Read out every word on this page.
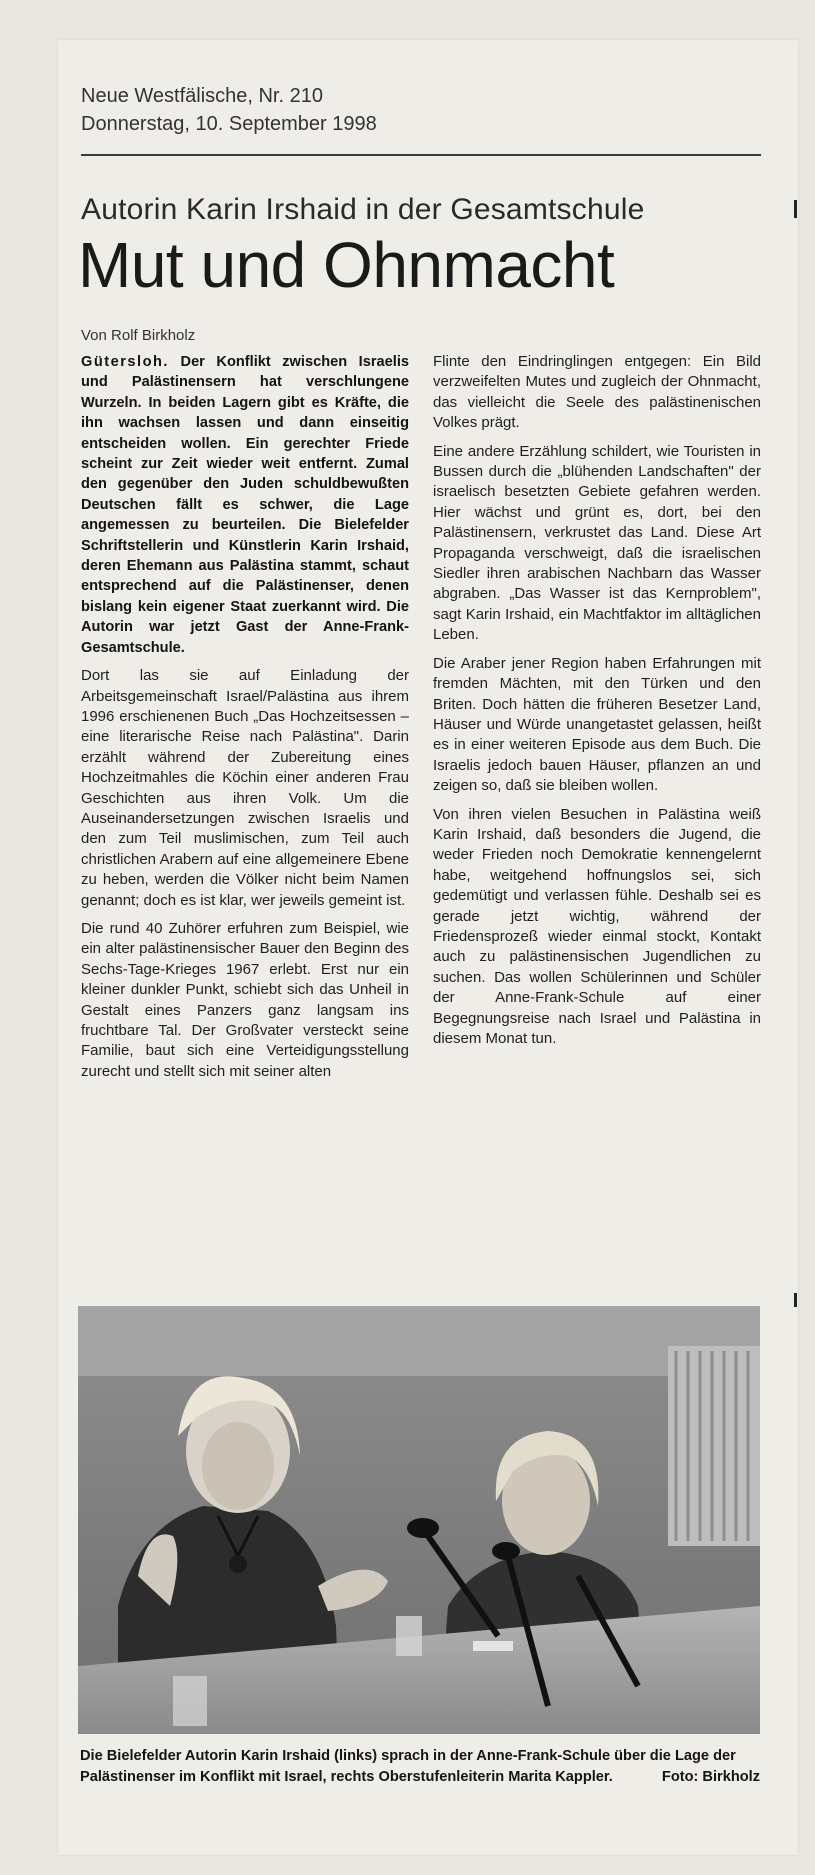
Neue Westfälische, Nr. 210
Donnerstag, 10. September 1998
Autorin Karin Irshaid in der Gesamtschule
Mut und Ohnmacht
Von Rolf Birkholz

Gütersloh. Der Konflikt zwischen Israelis und Palästinensern hat verschlungene Wurzeln. In beiden Lagern gibt es Kräfte, die ihn wachsen lassen und dann einseitig entscheiden wollen. Ein gerechter Friede scheint zur Zeit wieder weit entfernt. Zumal den gegenüber den Juden schuldbewußten Deutschen fällt es schwer, die Lage angemessen zu beurteilen. Die Bielefelder Schriftstellerin und Künstlerin Karin Irshaid, deren Ehemann aus Palästina stammt, schaut entsprechend auf die Palästinenser, denen bislang kein eigener Staat zuerkannt wird. Die Autorin war jetzt Gast der Anne-Frank-Gesamtschule.

Dort las sie auf Einladung der Arbeitsgemeinschaft Israel/Palästina aus ihrem 1996 erschienenen Buch „Das Hochzeitsessen – eine literarische Reise nach Palästina". Darin erzählt während der Zubereitung eines Hochzeitmahles die Köchin einer anderen Frau Geschichten aus ihren Volk. Um die Auseinandersetzungen zwischen Israelis und den zum Teil muslimischen, zum Teil auch christlichen Arabern auf eine allgemeinere Ebene zu heben, werden die Völker nicht beim Namen genannt; doch es ist klar, wer jeweils gemeint ist.

Die rund 40 Zuhörer erfuhren zum Beispiel, wie ein alter palästinensischer Bauer den Beginn des Sechs-Tage-Krieges 1967 erlebt. Erst nur ein kleiner dunkler Punkt, schiebt sich das Unheil in Gestalt eines Panzers ganz langsam ins fruchtbare Tal. Der Großvater versteckt seine Familie, baut sich eine Verteidigungsstellung zurecht und stellt sich mit seiner alten

Flinte den Eindringlingen entgegen: Ein Bild verzweifelten Mutes und zugleich der Ohnmacht, das vielleicht die Seele des palästinenischen Volkes prägt.

Eine andere Erzählung schildert, wie Touristen in Bussen durch die „blühenden Landschaften" der israelisch besetzten Gebiete gefahren werden. Hier wächst und grünt es, dort, bei den Palästinensern, verkrustet das Land. Diese Art Propaganda verschweigt, daß die israelischen Siedler ihren arabischen Nachbarn das Wasser abgraben. „Das Wasser ist das Kernproblem", sagt Karin Irshaid, ein Machtfaktor im alltäglichen Leben.

Die Araber jener Region haben Erfahrungen mit fremden Mächten, mit den Türken und den Briten. Doch hätten die früheren Besetzer Land, Häuser und Würde unangetastet gelassen, heißt es in einer weiteren Episode aus dem Buch. Die Israelis jedoch bauen Häuser, pflanzen an und zeigen so, daß sie bleiben wollen.

Von ihren vielen Besuchen in Palästina weiß Karin Irshaid, daß besonders die Jugend, die weder Frieden noch Demokratie kennengelernt habe, weitgehend hoffnungslos sei, sich gedemütigt und verlassen fühle. Deshalb sei es gerade jetzt wichtig, während der Friedensprozeß wieder einmal stockt, Kontakt auch zu palästinensischen Jugendlichen zu suchen. Das wollen Schülerinnen und Schüler der Anne-Frank-Schule auf einer Begegnungsreise nach Israel und Palästina in diesem Monat tun.

Die Bielefelder Autorin Karin Irshaid (links) sprach in der Anne-Frank-Schule über die Lage der Palästinenser im Konflikt mit Israel, rechts Oberstufenleiterin Marita Kappler.	Foto: Birkholz
